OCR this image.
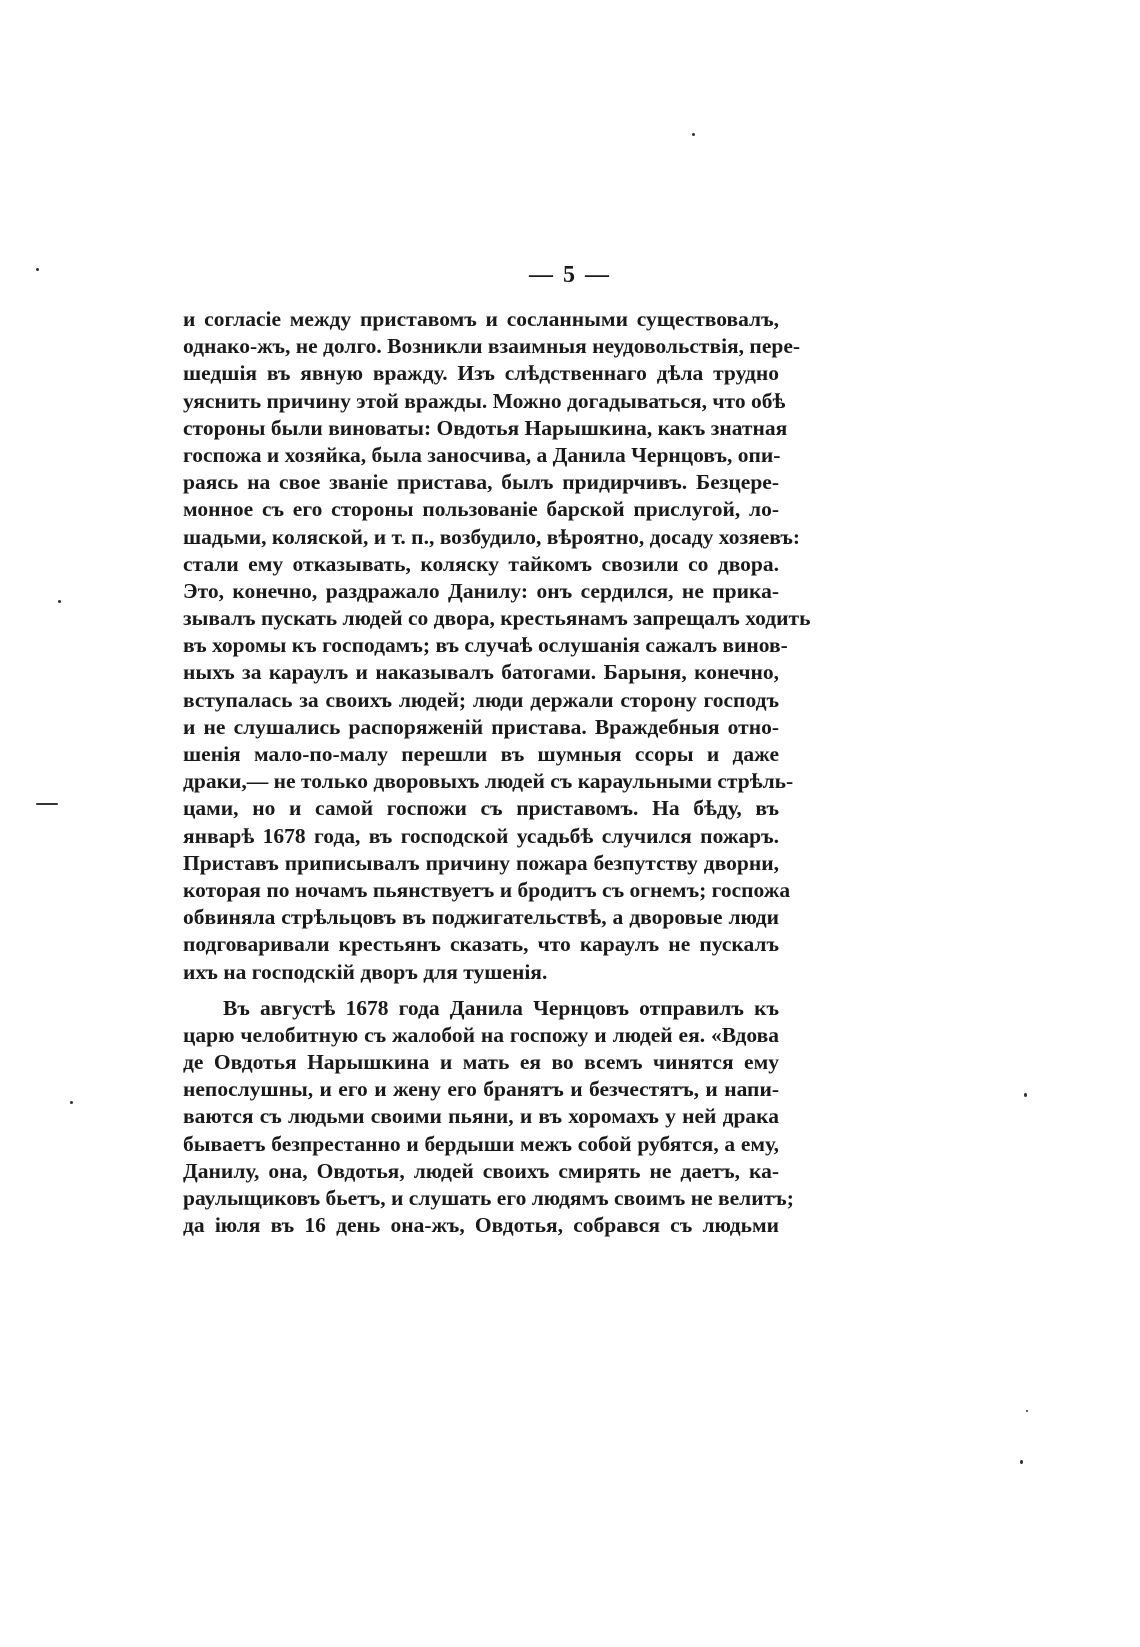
— 5 —
и согласіе между приставомъ и сосланными существовалъ,
однако-жъ, не долго. Возникли взаимныя неудовольствія, пере-
шедшія въ явную вражду. Изъ слѣдственнаго дѣла трудно
уяснить причину этой вражды. Можно догадываться, что обѣ
стороны были виноваты: Овдотья Нарышкина, какъ знатная
госпожа и хозяйка, была заносчива, а Данила Чернцовъ, опи-
раясь на свое званіе пристава, былъ придирчивъ. Безцере-
монное съ его стороны пользованіе барской прислугой, ло-
шадьми, коляской, и т. п., возбудило, вѣроятно, досаду хозяевъ:
стали ему отказывать, коляску тайкомъ свозили со двора.
Это, конечно, раздражало Данилу: онъ сердился, не прика-
зывалъ пускать людей со двора, крестьянамъ запрещалъ ходить
въ хоромы къ господамъ; въ случаѣ ослушанія сажалъ винов-
ныхъ за караулъ и наказывалъ батогами. Барыня, конечно,
вступалась за своихъ людей; люди держали сторону господъ
и не слушались распоряженій пристава. Враждебныя отно-
шенія мало-по-малу перешли въ шумныя ссоры и даже
драки,— не только дворовыхъ людей съ караульными стрѣль-
цами, но и самой госпожи съ приставомъ. На бѣду, въ
январѣ 1678 года, въ господской усадьбѣ случился пожаръ.
Приставъ приписывалъ причину пожара безпутству дворни,
которая по ночамъ пьянствуетъ и бродитъ съ огнемъ; госпожа
обвиняла стрѣльцовъ въ поджигательствѣ, а дворовые люди
подговаривали крестьянъ сказать, что караулъ не пускалъ
ихъ на господскій дворъ для тушенія.
Въ августѣ 1678 года Данила Чернцовъ отправилъ къ
царю челобитную съ жалобой на госпожу и людей ея. «Вдова
де Овдотья Нарышкина и мать ея во всемъ чинятся ему
непослушны, и его и жену его бранятъ и безчестятъ, и напи-
ваются съ людьми своими пьяни, и въ хоромахъ у ней драка
бываетъ безпрестанно и бердыши межъ собой рубятся, а ему,
Данилу, она, Овдотья, людей своихъ смирять не даетъ, ка-
раулыщиковъ бьетъ, и слушать его людямъ своимъ не велитъ;
да іюля въ 16 день она-жъ, Овдотья, собрався съ людьми
